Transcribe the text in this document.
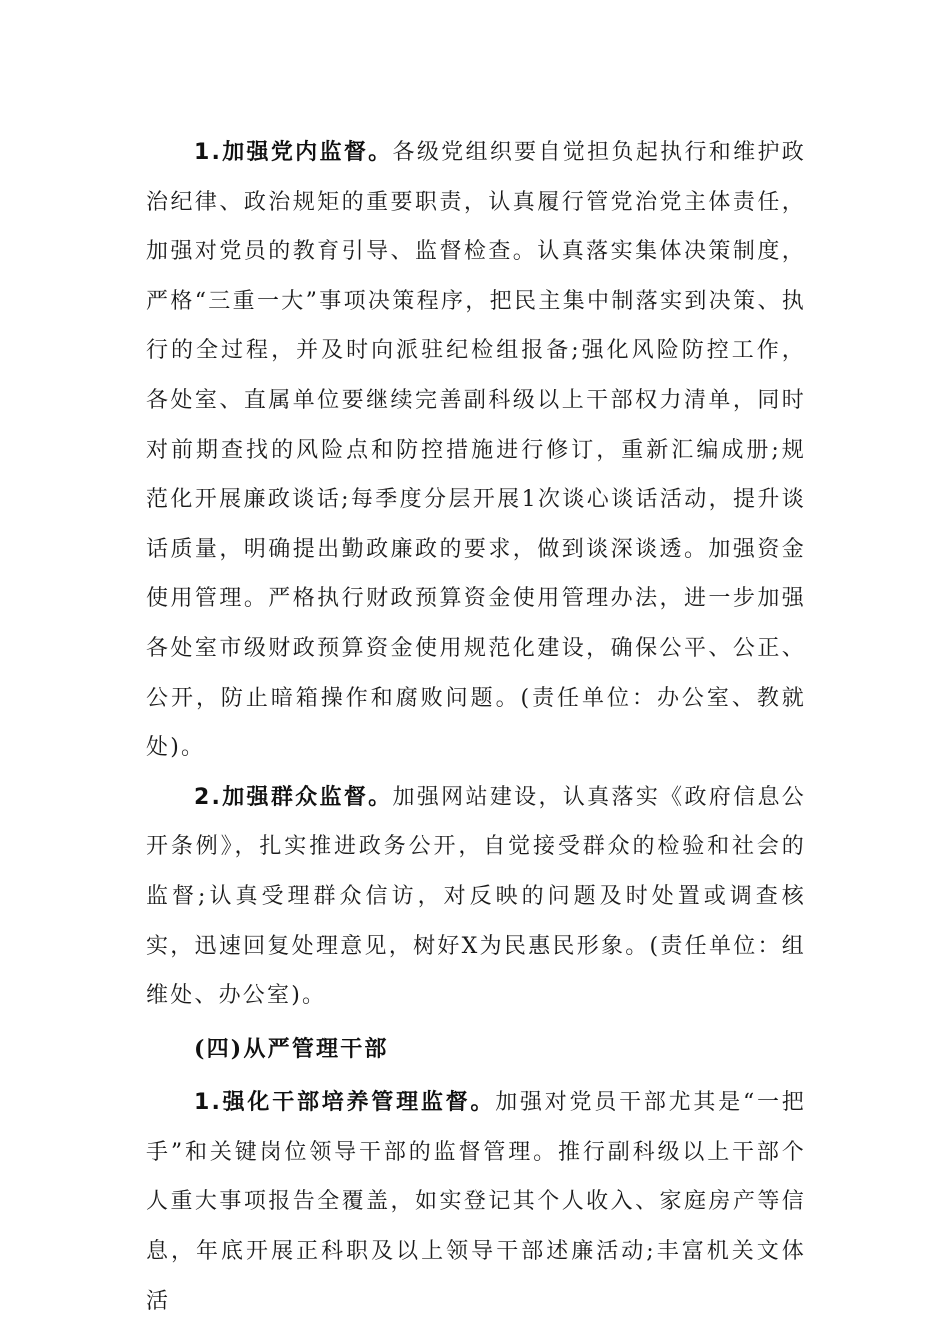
1.加强党内监督。各级党组织要自觉担负起执行和维护政治纪律、政治规矩的重要职责，认真履行管党治党主体责任，加强对党员的教育引导、监督检查。认真落实集体决策制度，严格“三重一大”事项决策程序，把民主集中制落实到决策、执行的全过程，并及时向派驻纪检组报备;强化风险防控工作，各处室、直属单位要继续完善副科级以上干部权力清单，同时对前期查找的风险点和防控措施进行修订，重新汇编成册;规范化开展廉政谈话;每季度分层开展1次谈心谈话活动，提升谈话质量，明确提出勤政廉政的要求，做到谈深谈透。加强资金使用管理。严格执行财政预算资金使用管理办法，进一步加强各处室市级财政预算资金使用规范化建设，确保公平、公正、公开，防止暗箱操作和腐败问题。(责任单位：办公室、教就处)。

2.加强群众监督。加强网站建设，认真落实《政府信息公开条例》，扎实推进政务公开，自觉接受群众的检验和社会的监督;认真受理群众信访，对反映的问题及时处置或调查核实，迅速回复处理意见，树好X为民惠民形象。(责任单位：组维处、办公室)。

(四)从严管理干部

1.强化干部培养管理监督。加强对党员干部尤其是“一把手”和关键岗位领导干部的监督管理。推行副科级以上干部个人重大事项报告全覆盖，如实登记其个人收入、家庭房产等信息，年底开展正科职及以上领导干部述廉活动;丰富机关文体活
